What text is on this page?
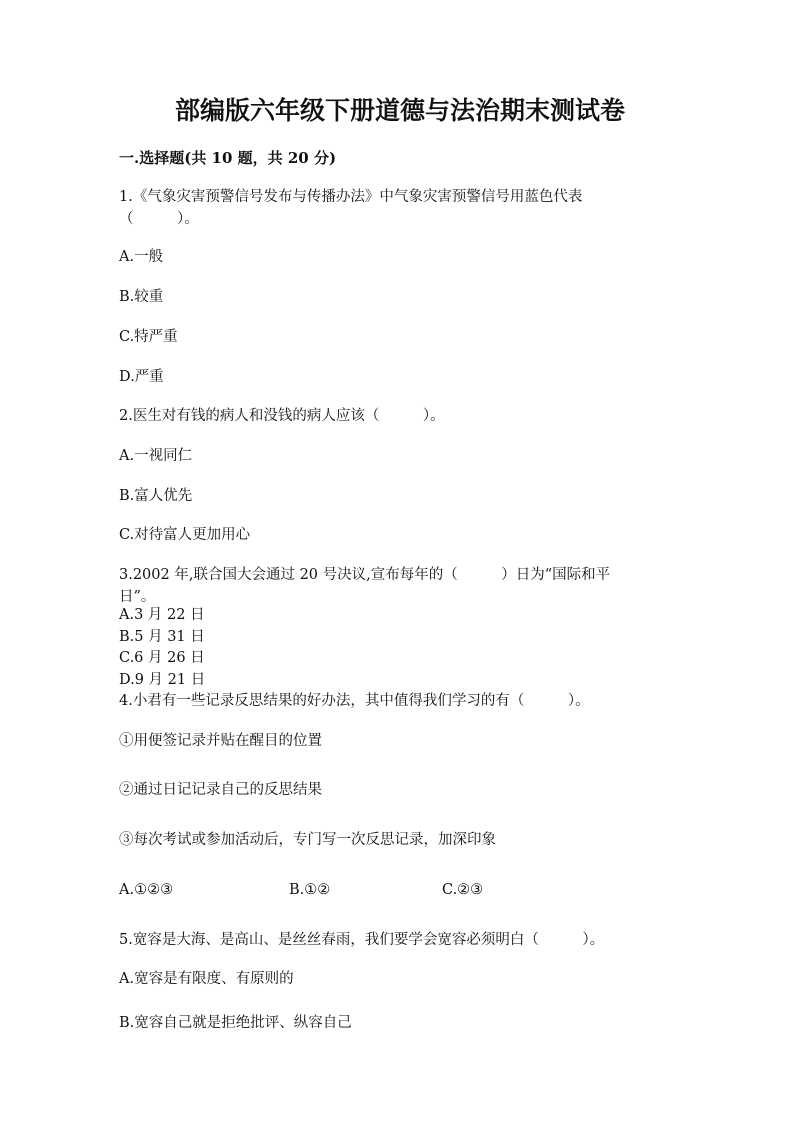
部编版六年级下册道德与法治期末测试卷
一.选择题(共 10 题，共 20 分)
1.《气象灾害预警信号发布与传播办法》中气象灾害预警信号用蓝色代表
（　　　）。
A.一般
B.较重
C.特严重
D.严重
2.医生对有钱的病人和没钱的病人应该（　　　）。
A.一视同仁
B.富人优先
C.对待富人更加用心
3.2002 年,联合国大会通过 20 号决议,宣布每年的（　　　）日为“国际和平
日”。
A.3 月 22 日
B.5 月 31 日
C.6 月 26 日
D.9 月 21 日
4.小君有一些记录反思结果的好办法，其中值得我们学习的有（　　　）。
①用便签记录并贴在醒目的位置
②通过日记记录自己的反思结果
③每次考试或参加活动后，专门写一次反思记录，加深印象
A.①②③	B.①②	C.②③
5.宽容是大海、是高山、是丝丝春雨，我们要学会宽容必须明白（　　　）。
A.宽容是有限度、有原则的
B.宽容自己就是拒绝批评、纵容自己
